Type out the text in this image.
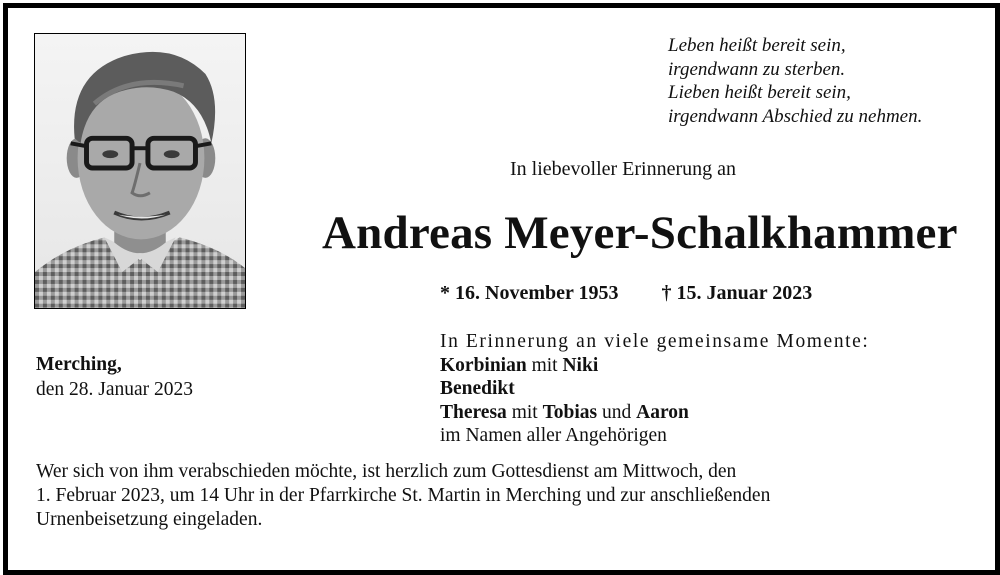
Leben heißt bereit sein,
irgendwann zu sterben.
Lieben heißt bereit sein,
irgendwann Abschied zu nehmen.
In liebevoller Erinnerung an
Andreas Meyer-Schalkhammer
* 16. November 1953 † 15. Januar 2023
In Erinnerung an viele gemeinsame Momente:
Korbinian mit Niki
Benedikt
Theresa mit Tobias und Aaron
im Namen aller Angehörigen
Merching,
den 28. Januar 2023
Wer sich von ihm verabschieden möchte, ist herzlich zum Gottesdienst am Mittwoch, den
1. Februar 2023, um 14 Uhr in der Pfarrkirche St. Martin in Merching und zur anschließenden
Urnenbeisetzung eingeladen.
